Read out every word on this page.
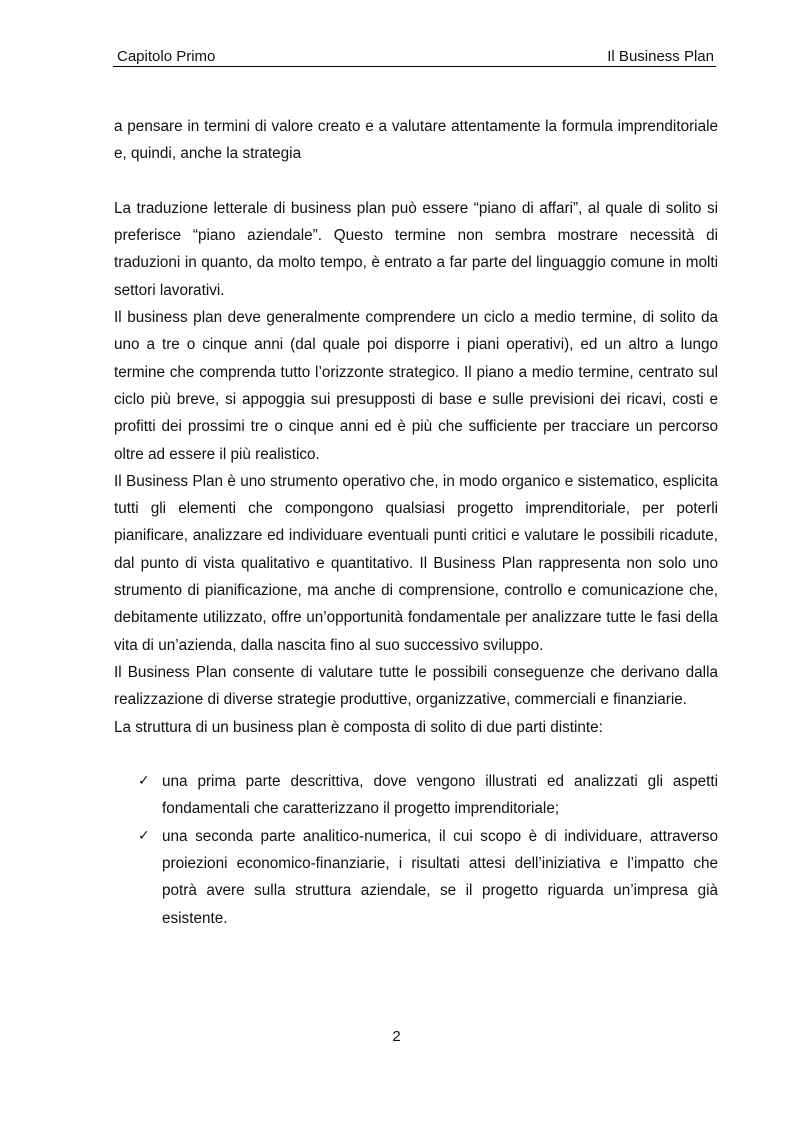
Capitolo Primo	Il Business Plan

a pensare in termini di valore creato e a valutare attentamente la formula imprenditoriale e, quindi, anche la strategia

La traduzione letterale di business plan può essere “piano di affari”, al quale di solito si preferisce “piano aziendale”. Questo termine non sembra mostrare necessità di traduzioni in quanto, da molto tempo, è entrato a far parte del linguaggio comune in molti settori lavorativi.

Il business plan deve generalmente comprendere un ciclo a medio termine, di solito da uno a tre o cinque anni (dal quale poi disporre i piani operativi), ed un altro a lungo termine che comprenda tutto l’orizzonte strategico. Il piano a medio termine, centrato sul ciclo più breve, si appoggia sui presupposti di base e sulle previsioni dei ricavi, costi e profitti dei prossimi tre o cinque anni ed è più che sufficiente per tracciare un percorso oltre ad essere il più realistico.

Il Business Plan è uno strumento operativo che, in modo organico e sistematico, esplicita tutti gli elementi che compongono qualsiasi progetto imprenditoriale, per poterli pianificare, analizzare ed individuare eventuali punti critici e valutare le possibili ricadute, dal punto di vista qualitativo e quantitativo. Il Business Plan rappresenta non solo uno strumento di pianificazione, ma anche di comprensione, controllo e comunicazione che, debitamente utilizzato, offre un’opportunità fondamentale per analizzare tutte le fasi della vita di un’azienda, dalla nascita fino al suo successivo sviluppo.

Il Business Plan consente di valutare tutte le possibili conseguenze che derivano dalla realizzazione di diverse strategie produttive, organizzative, commerciali e finanziarie.

La struttura di un business plan è composta di solito di due parti distinte:

✓ una prima parte descrittiva, dove vengono illustrati ed analizzati gli aspetti fondamentali che caratterizzano il progetto imprenditoriale;
✓ una seconda parte analitico-numerica, il cui scopo è di individuare, attraverso proiezioni economico-finanziarie, i risultati attesi dell’iniziativa e l’impatto che potrà avere sulla struttura aziendale, se il progetto riguarda un’impresa già esistente.
2
